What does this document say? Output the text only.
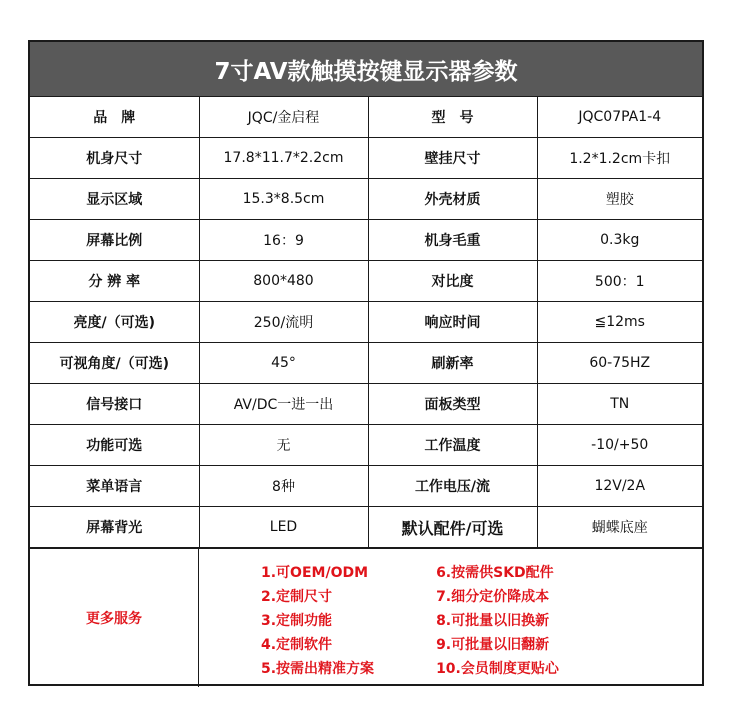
7寸AV款触摸按键显示器参数
品　牌	JQC/金启程	型　号	JQC07PA1-4
机身尺寸	17.8*11.7*2.2cm	壁挂尺寸	1.2*1.2cm卡扣
显示区域	15.3*8.5cm	外壳材质	塑胶
屏幕比例	16：9	机身毛重	0.3kg
分 辨 率	800*480	对比度	500：1
亮度/（可选)	250/流明	响应时间	≦12ms
可视角度/（可选)	45°	刷新率	60-75HZ
信号接口	AV/DC一进一出	面板类型	TN
功能可选	无	工作温度	-10/+50
菜单语言	8种	工作电压/流	12V/2A
屏幕背光	LED	默认配件/可选	蝴蝶底座
更多服务
1.可OEM/ODM
2.定制尺寸
3.定制功能
4.定制软件
5.按需出精准方案
6.按需供SKD配件
7.细分定价降成本
8.可批量以旧换新
9.可批量以旧翻新
10.会员制度更贴心
